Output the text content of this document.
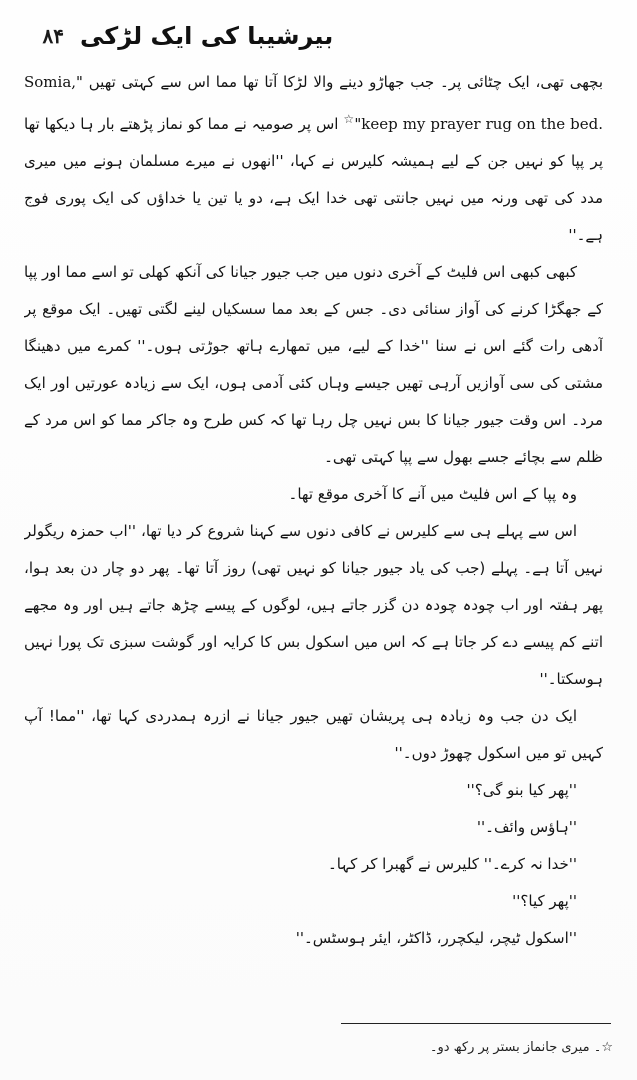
بیرشیبا کی ایک لڑکی
۸۴

بچھی تھی، ایک چٹائی پر۔ جب جھاڑو دینے والا لڑکا آتا تھا مما اس سے کہتی تھیں "Somia, keep my prayer rug on the bed."☆ اس پر صومیہ نے مما کو نماز پڑھتے بار ہا دیکھا تھا پر پپا کو نہیں جن کے لیے ہمیشہ کلیرس نے کہا، ''انھوں نے میرے مسلمان ہونے میں میری مدد کی تھی ورنہ میں نہیں جانتی تھی خدا ایک ہے، دو یا تین یا خداؤں کی ایک پوری فوج ہے۔''

کبھی کبھی اس فلیٹ کے آخری دنوں میں جب جیور جیانا کی آنکھ کھلی تو اسے مما اور پپا کے جھگڑا کرنے کی آواز سنائی دی۔ جس کے بعد مما سسکیاں لینے لگتی تھیں۔ ایک موقع پر آدھی رات گئے اس نے سنا ''خدا کے لیے، میں تمھارے ہاتھ جوڑتی ہوں۔'' کمرے میں دھینگا مشتی کی سی آوازیں آرہی تھیں جیسے وہاں کئی آدمی ہوں، ایک سے زیادہ عورتیں اور ایک مرد۔ اس وقت جیور جیانا کا بس نہیں چل رہا تھا کہ کس طرح وہ جاکر مما کو اس مرد کے ظلم سے بچائے جسے بھول سے پپا کہتی تھی۔

وہ پپا کے اس فلیٹ میں آنے کا آخری موقع تھا۔

اس سے پہلے ہی سے کلیرس نے کافی دنوں سے کہنا شروع کر دیا تھا، ''اب حمزہ ریگولر نہیں آتا ہے۔ پہلے (جب کی یاد جیور جیانا کو نہیں تھی) روز آتا تھا۔ پھر دو چار دن بعد ہوا، پھر ہفتہ اور اب چودہ چودہ دن گزر جاتے ہیں، لوگوں کے پیسے چڑھ جاتے ہیں اور وہ مجھے اتنے کم پیسے دے کر جاتا ہے کہ اس میں اسکول بس کا کرایہ اور گوشت سبزی تک پورا نہیں ہوسکتا۔''

ایک دن جب وہ زیادہ ہی پریشان تھیں جیور جیانا نے ازرہ ہمدردی کہا تھا، ''مما! آپ کہیں تو میں اسکول چھوڑ دوں۔''

''پھر کیا بنو گی؟''

''ہاؤس وائف۔''

''خدا نہ کرے۔'' کلیرس نے گھبرا کر کہا۔

''پھر کیا؟''

''اسکول ٹیچر، لیکچرر، ڈاکٹر، ایئر ہوسٹس۔''

☆۔ میری جانماز بستر پر رکھ دو۔
